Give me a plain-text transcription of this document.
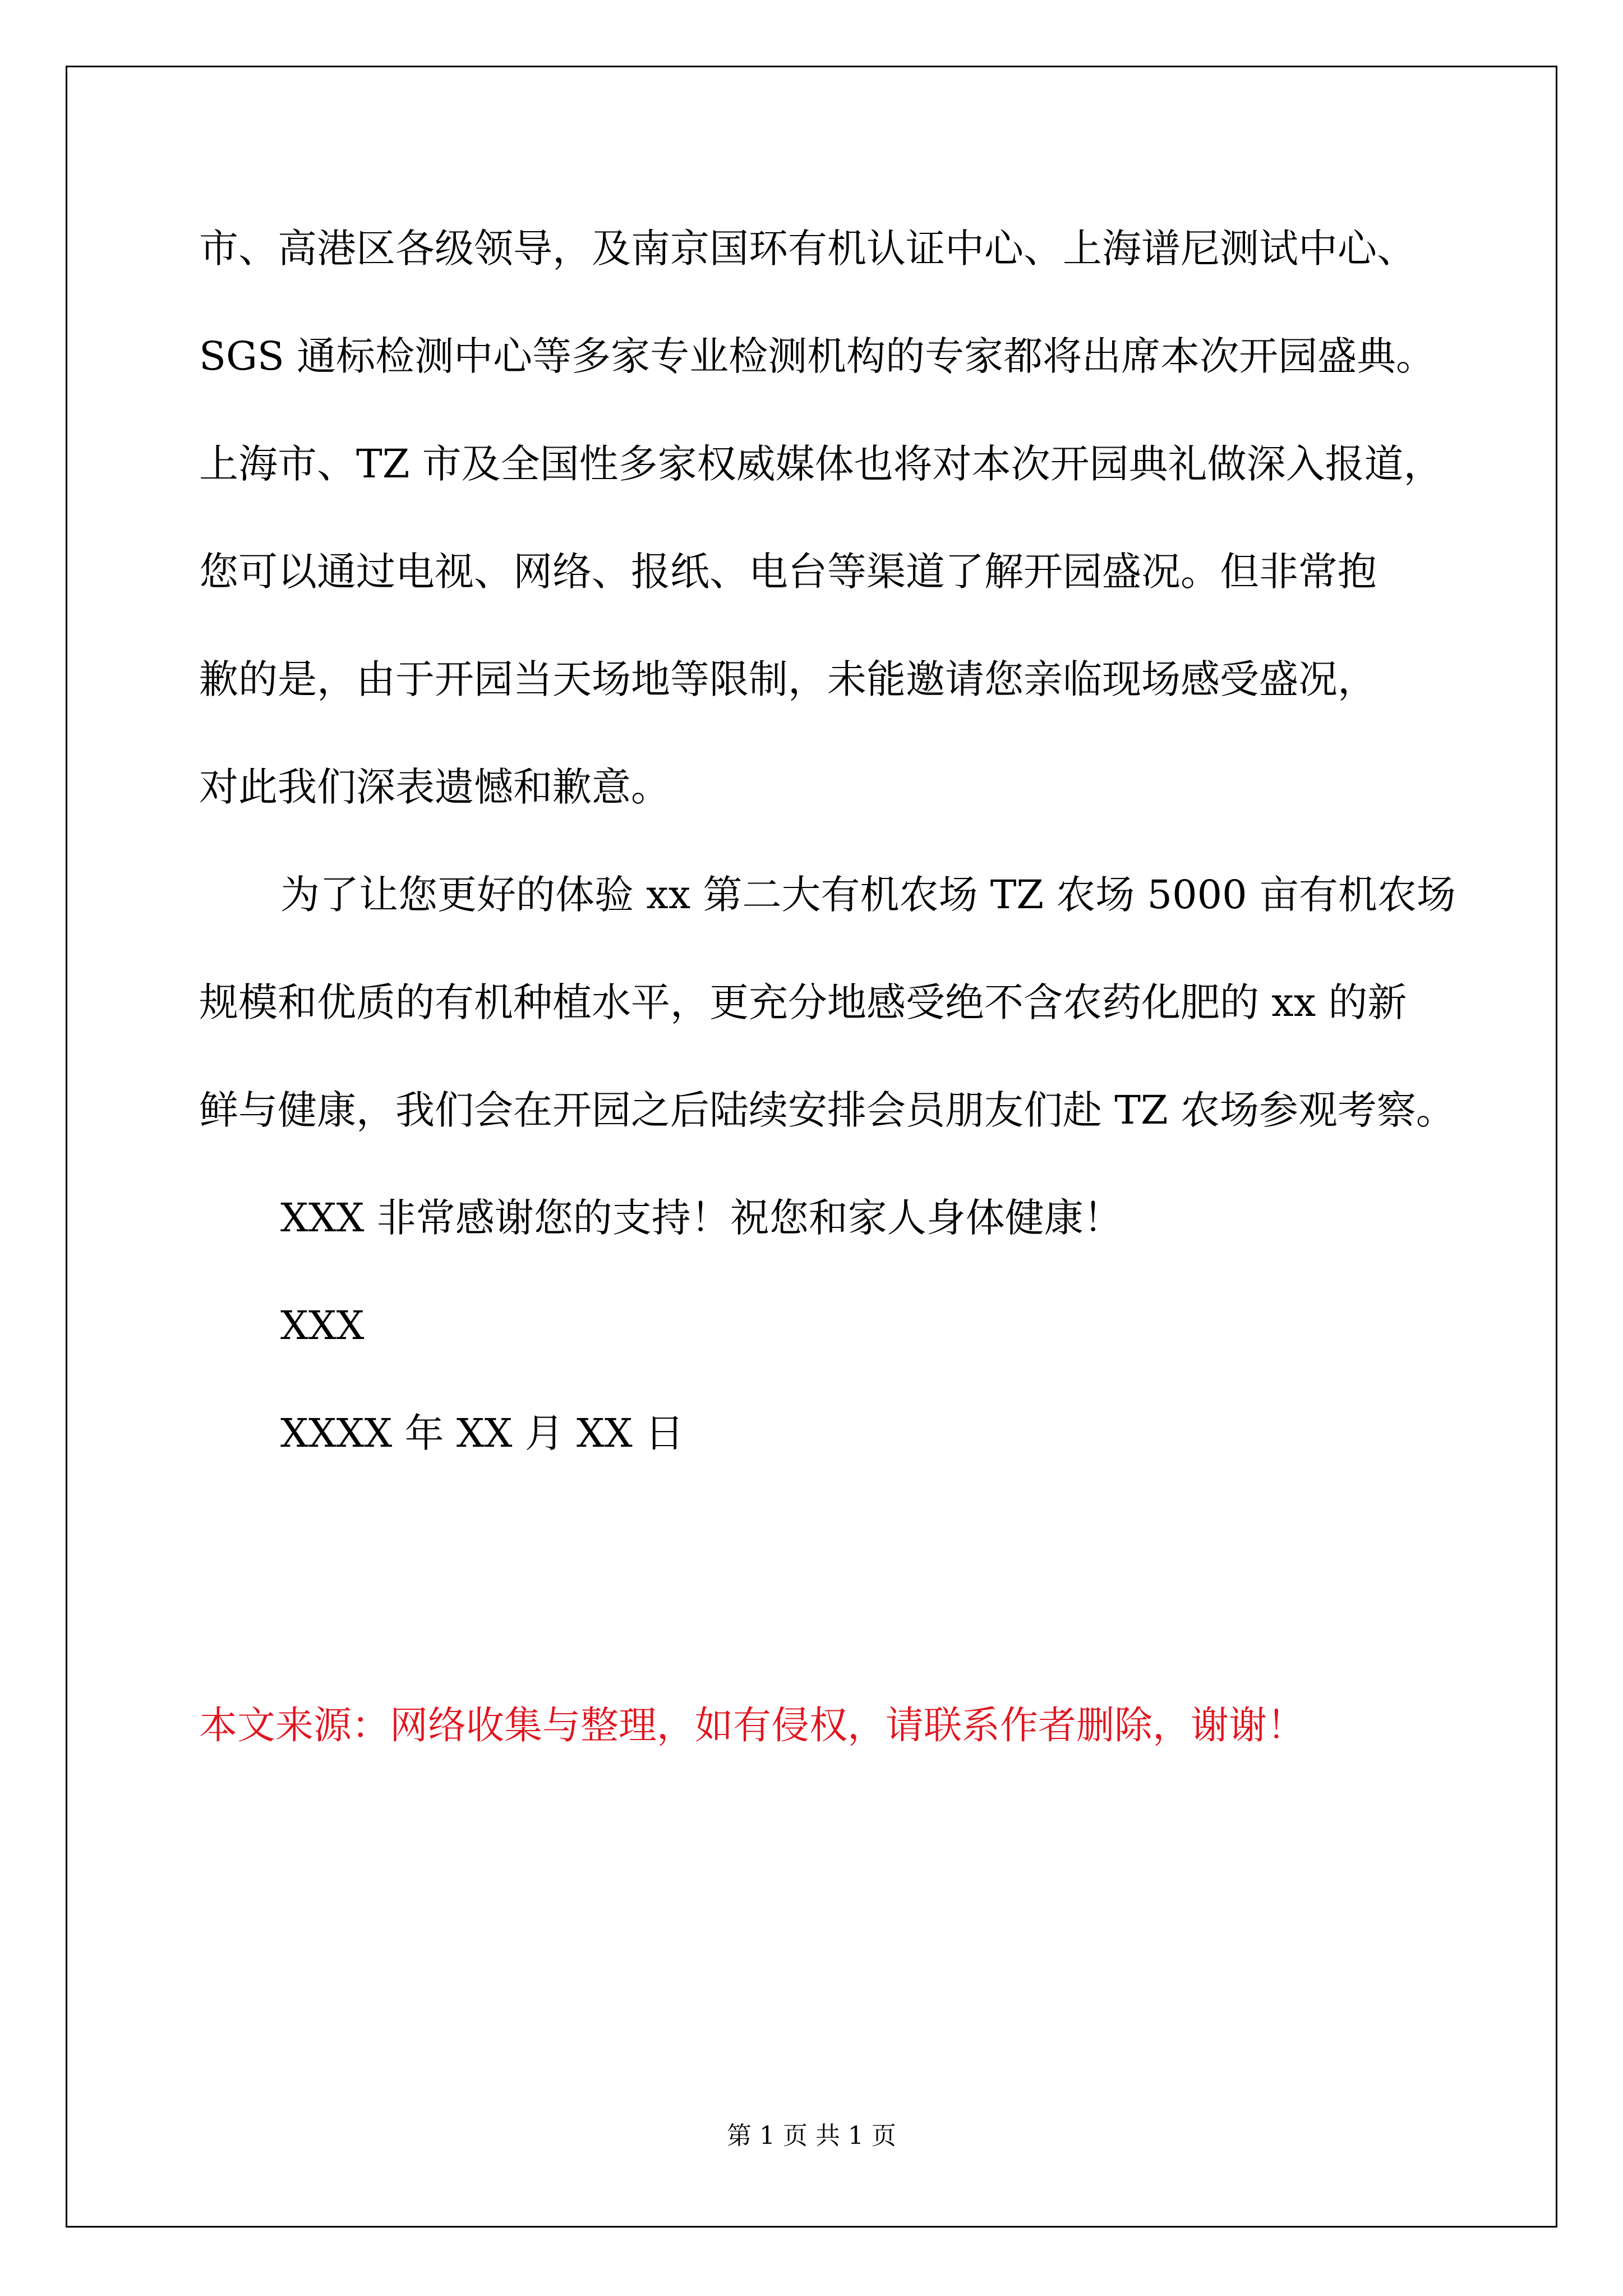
市、高港区各级领导，及南京国环有机认证中心、上海谱尼测试中心、
SGS 通标检测中心等多家专业检测机构的专家都将出席本次开园盛典。
上海市、TZ 市及全国性多家权威媒体也将对本次开园典礼做深入报道，
您可以通过电视、网络、报纸、电台等渠道了解开园盛况。但非常抱
歉的是，由于开园当天场地等限制，未能邀请您亲临现场感受盛况，
对此我们深表遗憾和歉意。
为了让您更好的体验 xx 第二大有机农场 TZ 农场 5000 亩有机农场
规模和优质的有机种植水平，更充分地感受绝不含农药化肥的 xx 的新
鲜与健康，我们会在开园之后陆续安排会员朋友们赴 TZ 农场参观考察。
XXX 非常感谢您的支持！祝您和家人身体健康！
XXX
XXXX 年 XX 月 XX 日
本文来源：网络收集与整理，如有侵权，请联系作者删除，谢谢！
第 1 页 共 1 页
